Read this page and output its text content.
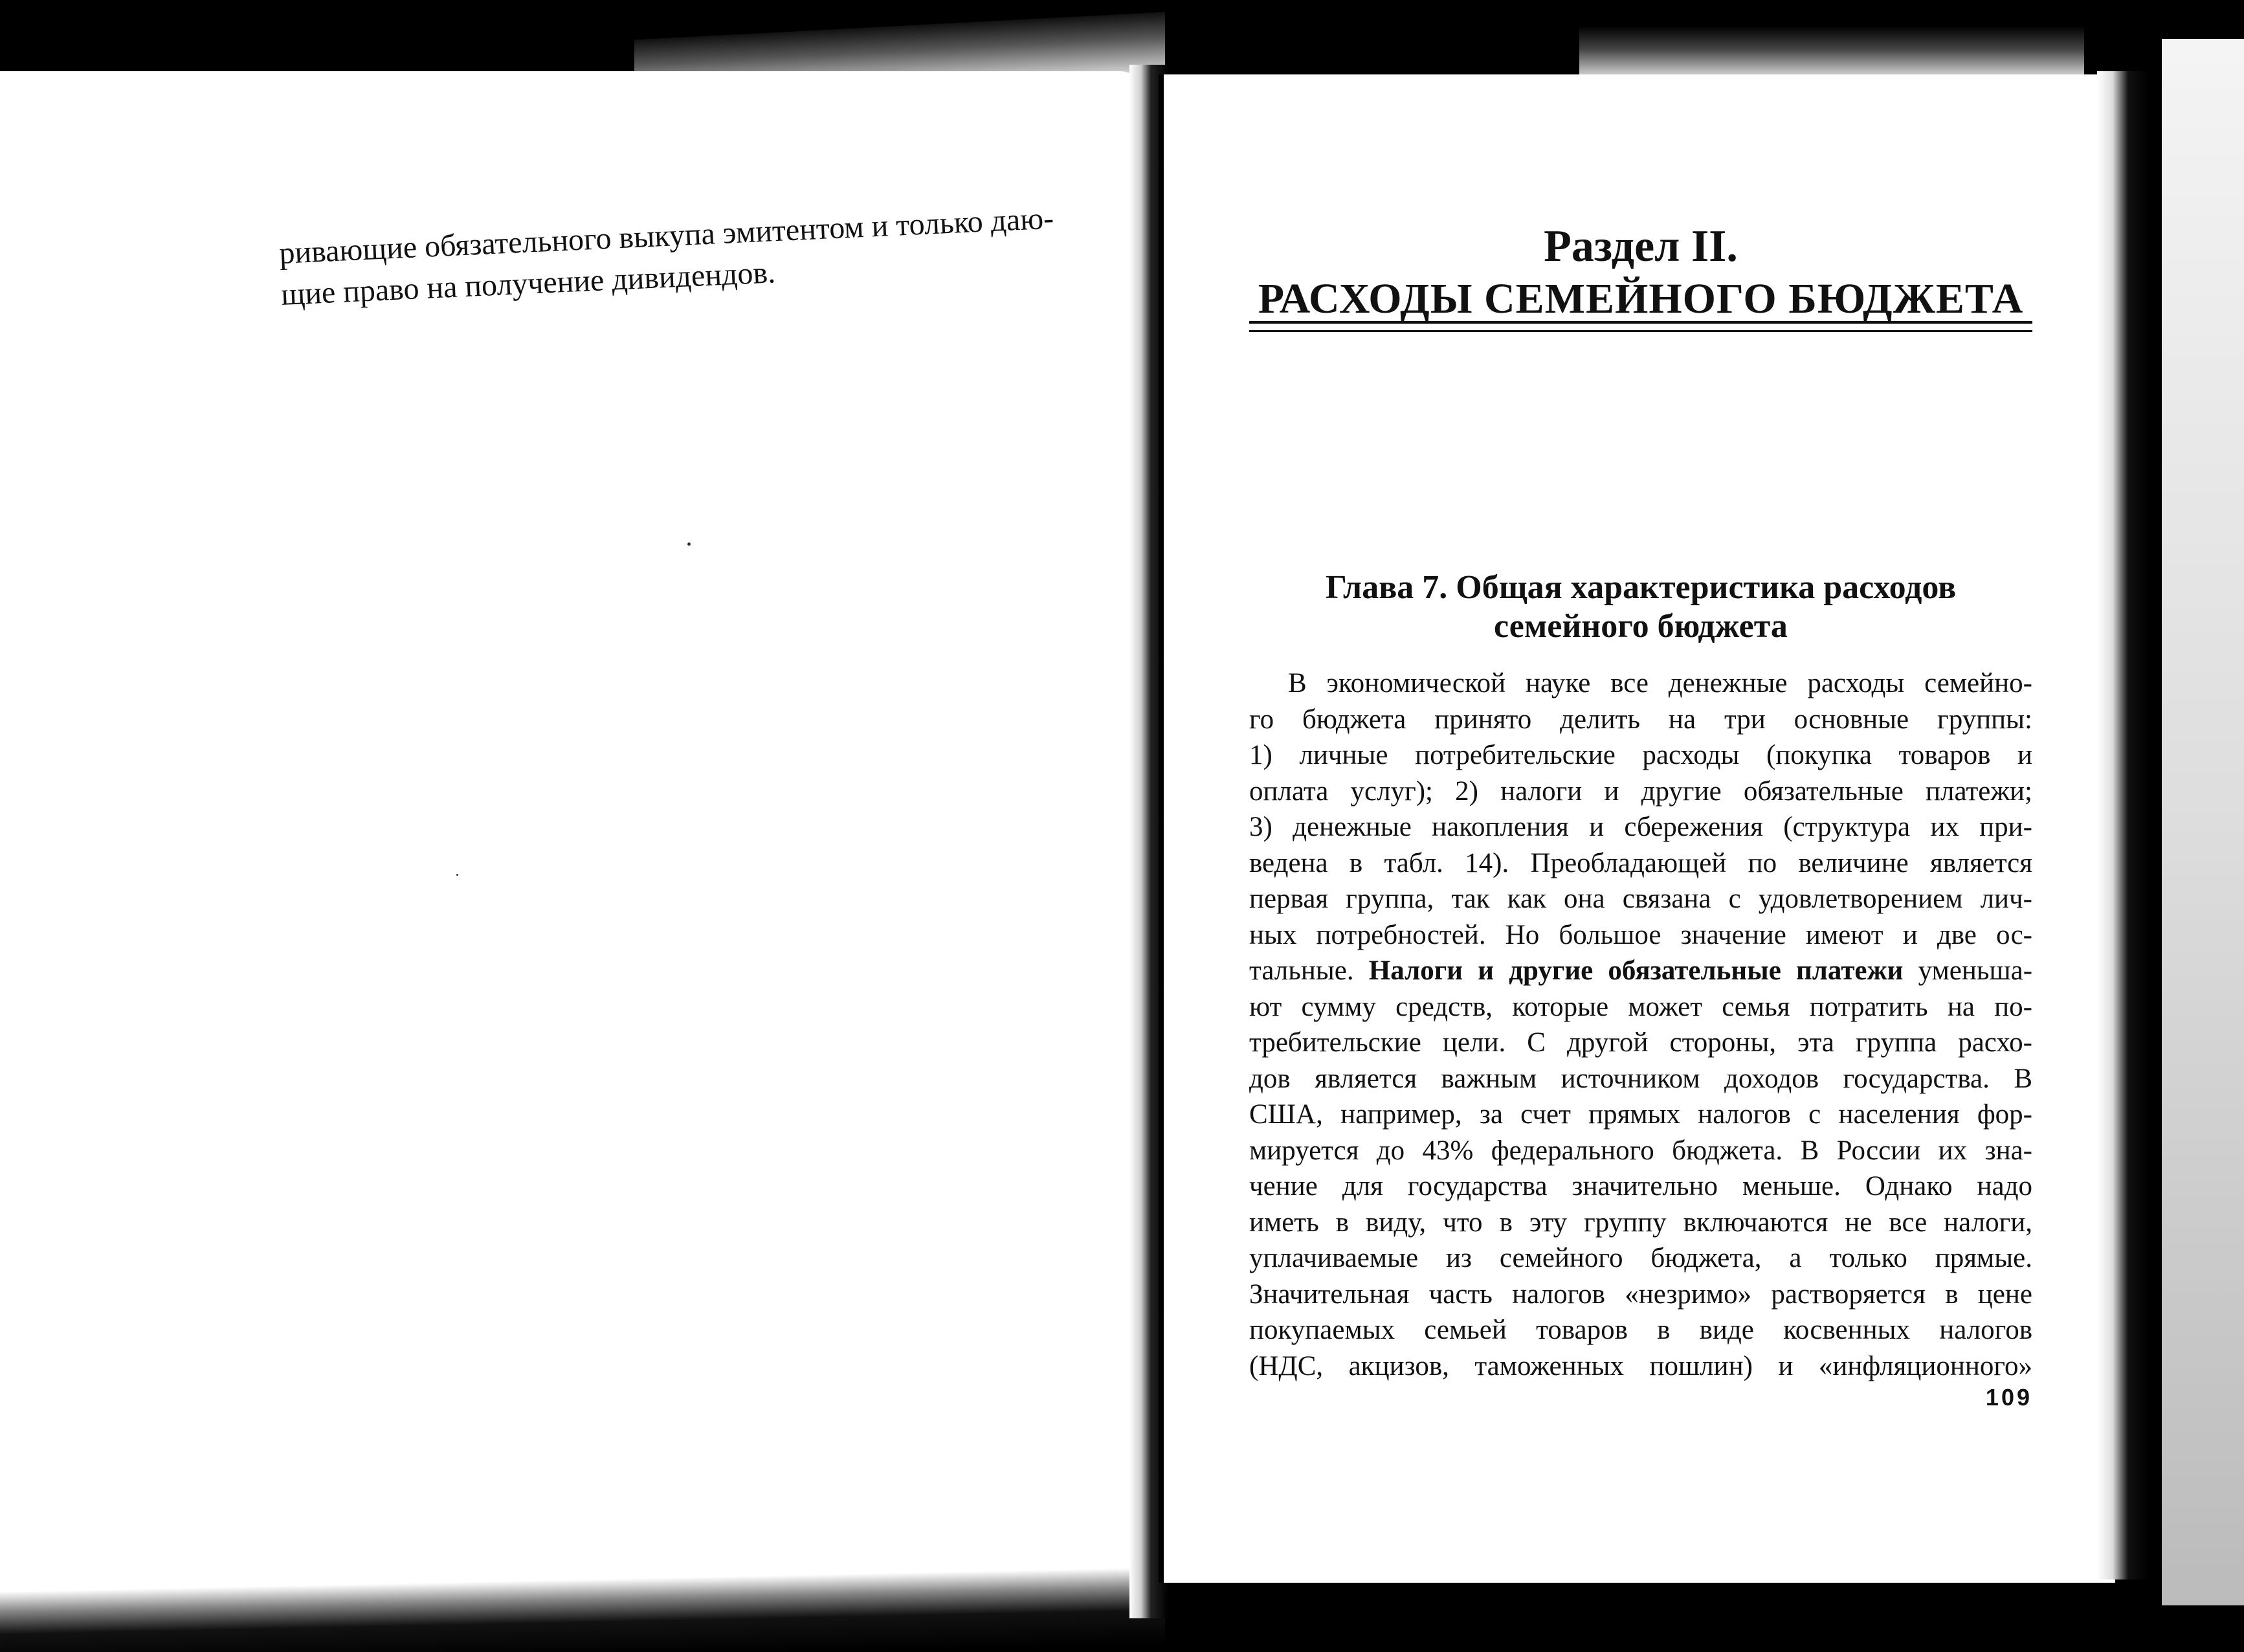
ривающие обязательного выкупа эмитентом и только даю-
щие право на получение дивидендов.
Раздел II.
РАСХОДЫ СЕМЕЙНОГО БЮДЖЕТА
Глава 7. Общая характеристика расходов
семейного бюджета
В экономической науке все денежные расходы семейно-
го бюджета принято делить на три основные группы:
1) личные потребительские расходы (покупка товаров и
оплата услуг); 2) налоги и другие обязательные платежи;
3) денежные накопления и сбережения (структура их при-
ведена в табл. 14). Преобладающей по величине является
первая группа, так как она связана с удовлетворением лич-
ных потребностей. Но большое значение имеют и две ос-
тальные. Налоги и другие обязательные платежи уменьша-
ют сумму средств, которые может семья потратить на по-
требительские цели. С другой стороны, эта группа расхо-
дов является важным источником доходов государства. В
США, например, за счет прямых налогов с населения фор-
мируется до 43% федерального бюджета. В России их зна-
чение для государства значительно меньше. Однако надо
иметь в виду, что в эту группу включаются не все налоги,
уплачиваемые из семейного бюджета, а только прямые.
Значительная часть налогов «незримо» растворяется в цене
покупаемых семьей товаров в виде косвенных налогов
(НДС, акцизов, таможенных пошлин) и «инфляционного»
109
